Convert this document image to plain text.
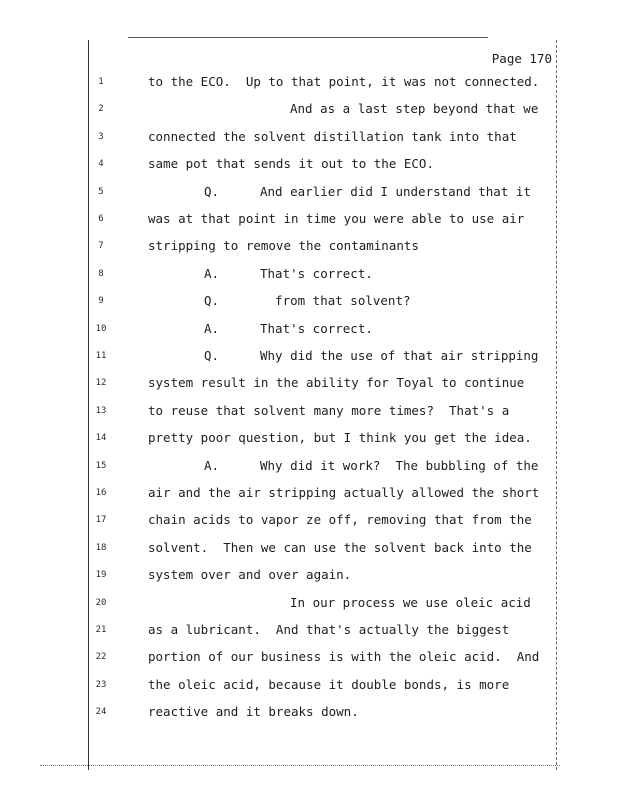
Page 170
1	to the ECO.  Up to that point, it was not connected.
2	And as a last step beyond that we
3	connected the solvent distillation tank into that
4	same pot that sends it out to the ECO.
5	Q.	And earlier did I understand that it
6	was at that point in time you were able to use air
7	stripping to remove the contaminants
8	A.	That's correct.
9	Q.	from that solvent?
10	A.	That's correct.
11	Q.	Why did the use of that air stripping
12	system result in the ability for Toyal to continue
13	to reuse that solvent many more times?  That's a
14	pretty poor question, but I think you get the idea.
15	A.	Why did it work?  The bubbling of the
16	air and the air stripping actually allowed the short
17	chain acids to vapor ze off, removing that from the
18	solvent.  Then we can use the solvent back into the
19	system over and over again.
20	In our process we use oleic acid
21	as a lubricant.  And that's actually the biggest
22	portion of our business is with the oleic acid.  And
23	the oleic acid, because it double bonds, is more
24	reactive and it breaks down.
